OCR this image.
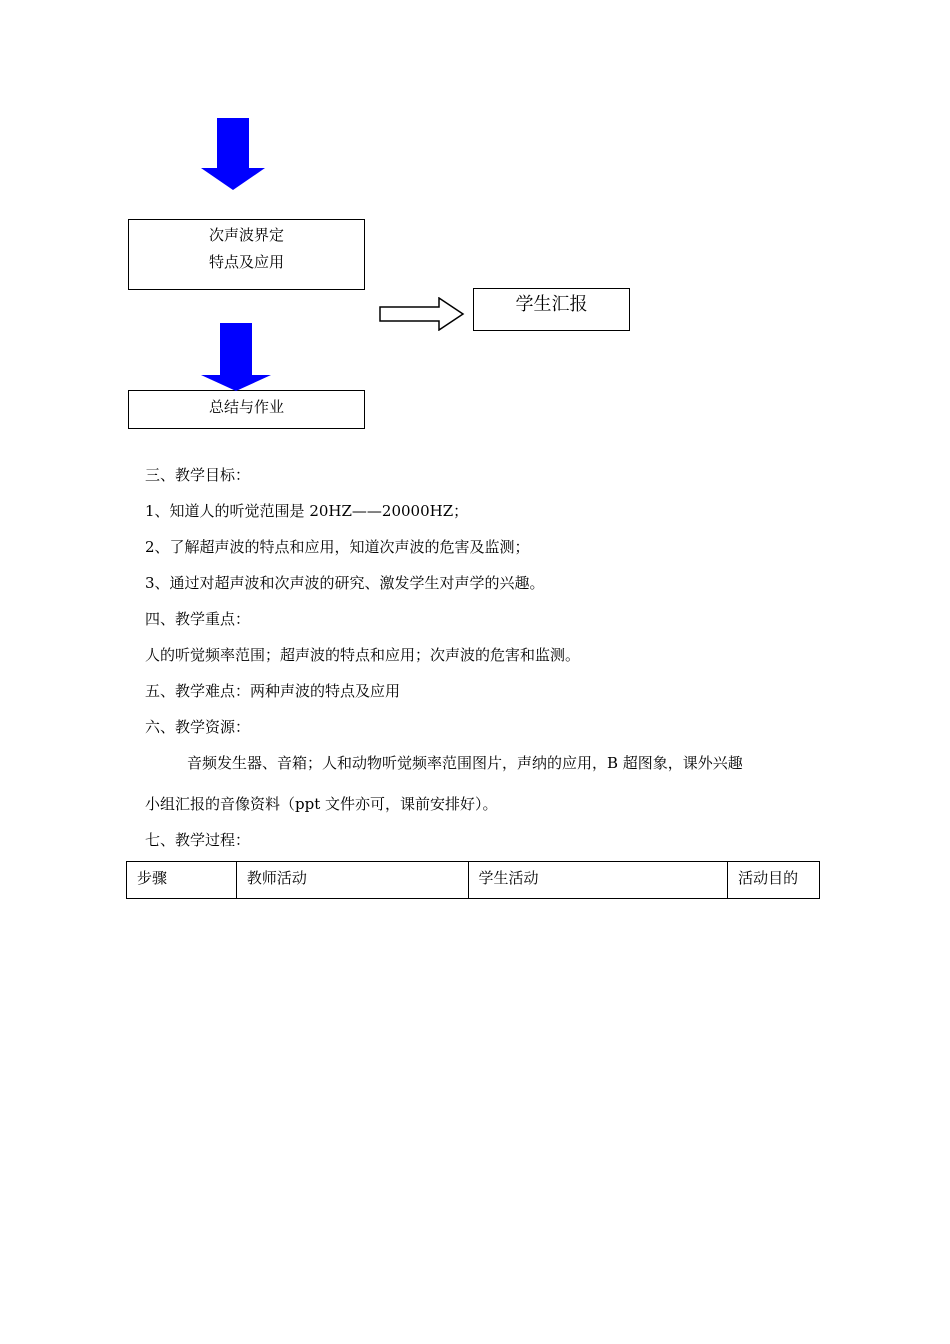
次声波界定
特点及应用
学生汇报
总结与作业
三、教学目标：
1、知道人的听觉范围是 20HZ——20000HZ；
2、了解超声波的特点和应用，知道次声波的危害及监测；
3、通过对超声波和次声波的研究、激发学生对声学的兴趣。
四、教学重点：
人的听觉频率范围；超声波的特点和应用；次声波的危害和监测。
五、教学难点：两种声波的特点及应用
六、教学资源：
音频发生器、音箱；人和动物听觉频率范围图片，声纳的应用，B 超图象，课外兴趣
小组汇报的音像资料（ppt 文件亦可，课前安排好）。
七、教学过程：
步骤	教师活动	学生活动	活动目的
